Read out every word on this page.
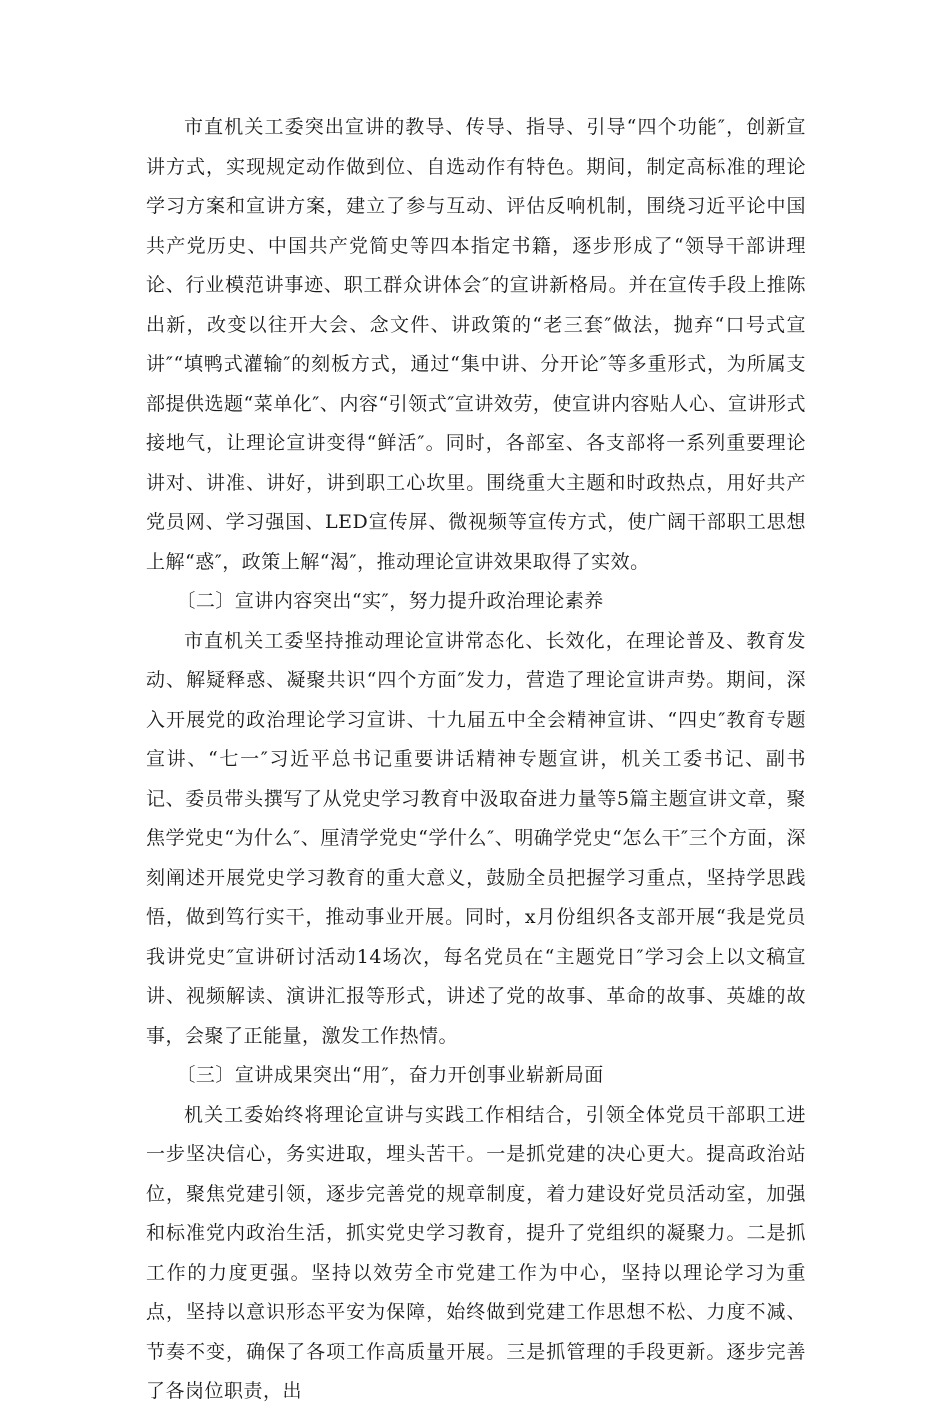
市直机关工委突出宣讲的教导、传导、指导、引导“四个功能″，创新宣讲方式，实现规定动作做到位、自选动作有特色。期间，制定高标准的理论学习方案和宣讲方案，建立了参与互动、评估反响机制，围绕习近平论中国共产党历史、中国共产党简史等四本指定书籍，逐步形成了“领导干部讲理论、行业模范讲事迹、职工群众讲体会″的宣讲新格局。并在宣传手段上推陈出新，改变以往开大会、念文件、讲政策的“老三套″做法，抛弃“口号式宣讲″“填鸭式灌输″的刻板方式，通过“集中讲、分开论″等多重形式，为所属支部提供选题“菜单化″、内容“引领式″宣讲效劳，使宣讲内容贴人心、宣讲形式接地气，让理论宣讲变得“鲜活″。同时，各部室、各支部将一系列重要理论讲对、讲准、讲好，讲到职工心坎里。围绕重大主题和时政热点，用好共产党员网、学习强国、LED宣传屏、微视频等宣传方式，使广阔干部职工思想上解“惑″，政策上解“渴″，推动理论宣讲效果取得了实效。

〔二〕宣讲内容突出“实″，努力提升政治理论素养

市直机关工委坚持推动理论宣讲常态化、长效化，在理论普及、教育发动、解疑释惑、凝聚共识“四个方面″发力，营造了理论宣讲声势。期间，深入开展党的政治理论学习宣讲、十九届五中全会精神宣讲、“四史″教育专题宣讲、“七一″习近平总书记重要讲话精神专题宣讲，机关工委书记、副书记、委员带头撰写了从党史学习教育中汲取奋进力量等5篇主题宣讲文章，聚焦学党史“为什么″、厘清学党史“学什么″、明确学党史“怎么干″三个方面，深刻阐述开展党史学习教育的重大意义，鼓励全员把握学习重点，坚持学思践悟，做到笃行实干，推动事业开展。同时，x月份组织各支部开展“我是党员我讲党史″宣讲研讨活动14场次，每名党员在“主题党日″学习会上以文稿宣讲、视频解读、演讲汇报等形式，讲述了党的故事、革命的故事、英雄的故事，会聚了正能量，激发工作热情。

〔三〕宣讲成果突出“用″，奋力开创事业崭新局面

机关工委始终将理论宣讲与实践工作相结合，引领全体党员干部职工进一步坚决信心，务实进取，埋头苦干。一是抓党建的决心更大。提高政治站位，聚焦党建引领，逐步完善党的规章制度，着力建设好党员活动室，加强和标准党内政治生活，抓实党史学习教育，提升了党组织的凝聚力。二是抓工作的力度更强。坚持以效劳全市党建工作为中心，坚持以理论学习为重点，坚持以意识形态平安为保障，始终做到党建工作思想不松、力度不减、节奏不变，确保了各项工作高质量开展。三是抓管理的手段更新。逐步完善了各岗位职责，出
